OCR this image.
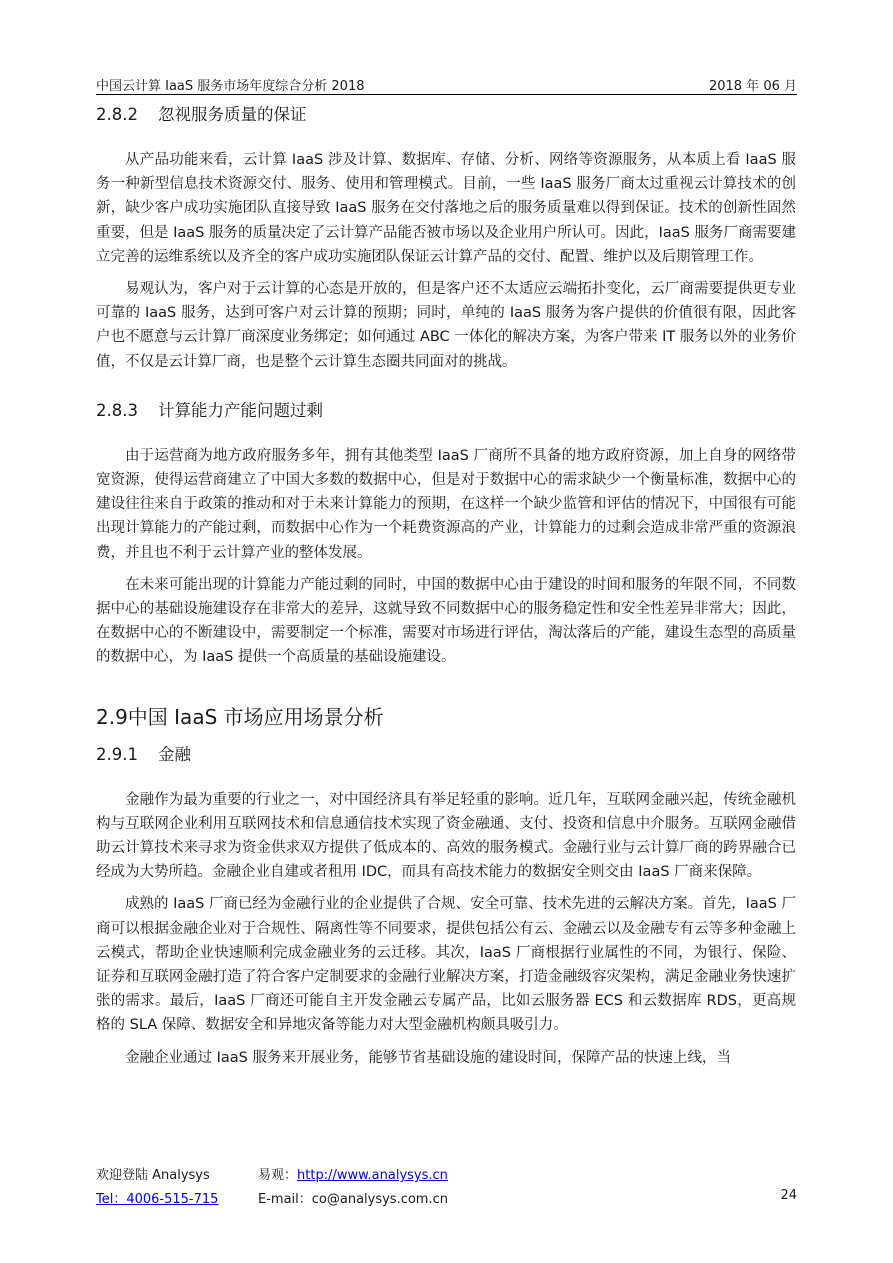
中国云计算 IaaS 服务市场年度综合分析 2018	2018 年 06 月
2.8.2 忽视服务质量的保证

从产品功能来看，云计算 IaaS 涉及计算、数据库、存储、分析、网络等资源服务，从本质上看 IaaS 服务一种新型信息技术资源交付、服务、使用和管理模式。目前，一些 IaaS 服务厂商太过重视云计算技术的创新，缺少客户成功实施团队直接导致 IaaS 服务在交付落地之后的服务质量难以得到保证。技术的创新性固然重要，但是 IaaS 服务的质量决定了云计算产品能否被市场以及企业用户所认可。因此，IaaS 服务厂商需要建立完善的运维系统以及齐全的客户成功实施团队保证云计算产品的交付、配置、维护以及后期管理工作。

易观认为，客户对于云计算的心态是开放的，但是客户还不太适应云端拓扑变化，云厂商需要提供更专业可靠的 IaaS 服务，达到可客户对云计算的预期；同时，单纯的 IaaS 服务为客户提供的价值很有限，因此客户也不愿意与云计算厂商深度业务绑定；如何通过 ABC 一体化的解决方案，为客户带来 IT 服务以外的业务价值，不仅是云计算厂商，也是整个云计算生态圈共同面对的挑战。

2.8.3 计算能力产能问题过剩

由于运营商为地方政府服务多年，拥有其他类型 IaaS 厂商所不具备的地方政府资源，加上自身的网络带宽资源，使得运营商建立了中国大多数的数据中心，但是对于数据中心的需求缺少一个衡量标准，数据中心的建设往往来自于政策的推动和对于未来计算能力的预期，在这样一个缺少监管和评估的情况下，中国很有可能出现计算能力的产能过剩，而数据中心作为一个耗费资源高的产业，计算能力的过剩会造成非常严重的资源浪费，并且也不利于云计算产业的整体发展。

在未来可能出现的计算能力产能过剩的同时，中国的数据中心由于建设的时间和服务的年限不同，不同数据中心的基础设施建设存在非常大的差异，这就导致不同数据中心的服务稳定性和安全性差异非常大；因此，在数据中心的不断建设中，需要制定一个标准，需要对市场进行评估，淘汰落后的产能，建设生态型的高质量的数据中心，为 IaaS 提供一个高质量的基础设施建设。

2.9中国 IaaS 市场应用场景分析
2.9.1 金融

金融作为最为重要的行业之一，对中国经济具有举足轻重的影响。近几年，互联网金融兴起，传统金融机构与互联网企业利用互联网技术和信息通信技术实现了资金融通、支付、投资和信息中介服务。互联网金融借助云计算技术来寻求为资金供求双方提供了低成本的、高效的服务模式。金融行业与云计算厂商的跨界融合已经成为大势所趋。金融企业自建或者租用 IDC，而具有高技术能力的数据安全则交由 IaaS 厂商来保障。

成熟的 IaaS 厂商已经为金融行业的企业提供了合规、安全可靠、技术先进的云解决方案。首先，IaaS 厂商可以根据金融企业对于合规性、隔离性等不同要求，提供包括公有云、金融云以及金融专有云等多种金融上云模式，帮助企业快速顺利完成金融业务的云迁移。其次，IaaS 厂商根据行业属性的不同，为银行、保险、证券和互联网金融打造了符合客户定制要求的金融行业解决方案，打造金融级容灾架构，满足金融业务快速扩张的需求。最后，IaaS 厂商还可能自主开发金融云专属产品，比如云服务器 ECS 和云数据库 RDS，更高规格的 SLA 保障、数据安全和异地灾备等能力对大型金融机构颇具吸引力。

金融企业通过 IaaS 服务来开展业务，能够节省基础设施的建设时间，保障产品的快速上线，当

欢迎登陆 Analysys	易观：http://www.analysys.cn
Tel：4006-515-715	E-mail：co@analysys.com.cn	24
